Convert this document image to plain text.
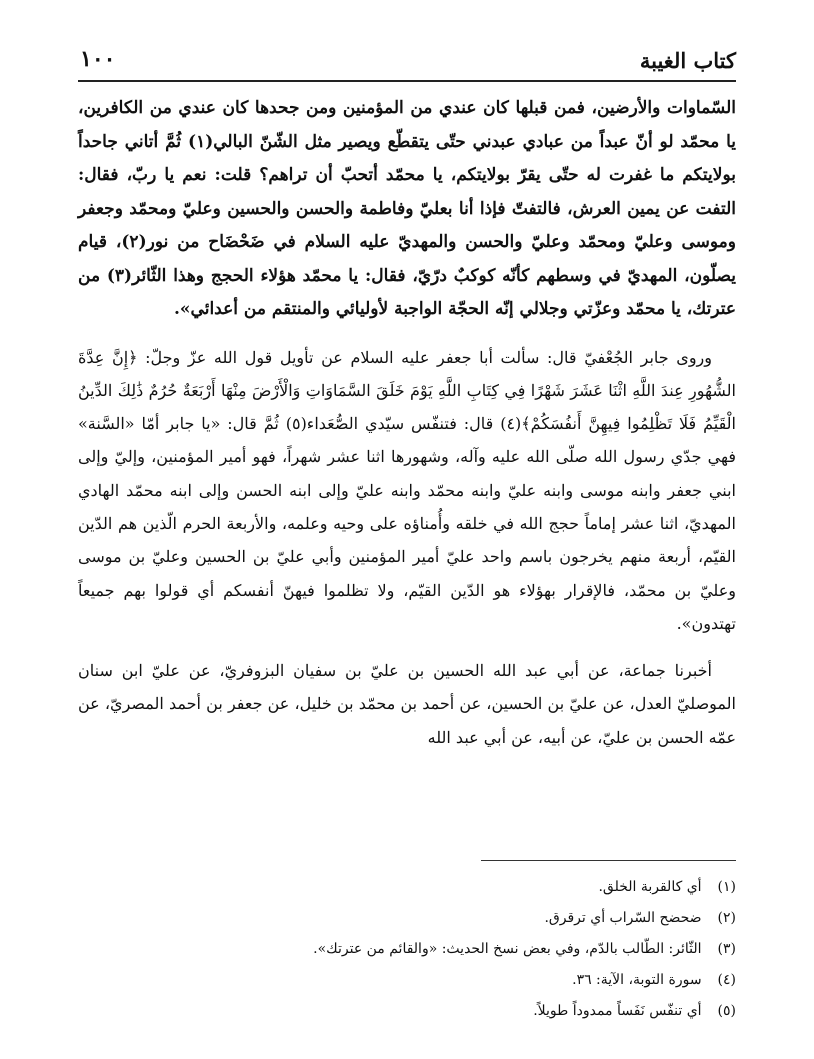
كتاب الغيبة
١٠٠

السّماوات والأرضين، فمن قبلها كان عندي من المؤمنين ومن جحدها كان عندي من الكافرين، يا محمّد لو أنّ عبداً من عبادي عبدني حتّى يتقطّع ويصير مثل الشّنّ البالي(١) ثُمَّ أتاني جاحداً بولايتكم ما غفرت له حتّى يقرّ بولايتكم، يا محمّد أتحبّ أن تراهم؟ قلت: نعم يا ربّ، فقال: التفت عن يمين العرش، فالتفتّ فإذا أنا بعليّ وفاطمة والحسن والحسين وعليّ ومحمّد وجعفر وموسى وعليّ ومحمّد وعليّ والحسن والمهديّ عليه السلام في ضَحْضَاح من نور(٢)، قيام يصلّون، المهديّ في وسطهم كأنّه كوكبٌ درّيّ، فقال: يا محمّد هؤلاء الحجج وهذا الثّائر(٣) من عترتك، يا محمّد وعزّتي وجلالي إنّه الحجّة الواجبة لأوليائي والمنتقم من أعدائي».

وروى جابر الجُعْفيّ قال: سألت أبا جعفر عليه السلام عن تأويل قول الله عزّ وجلّ: ﴿إِنَّ عِدَّةَ الشُّهُورِ عِندَ اللَّهِ اثْنَا عَشَرَ شَهْرًا فِي كِتَابِ اللَّهِ يَوْمَ خَلَقَ السَّمَاوَاتِ وَالْأَرْضَ مِنْهَا أَرْبَعَةٌ حُرُمٌ ذَٰلِكَ الدِّينُ الْقَيِّمُ فَلَا تَظْلِمُوا فِيهِنَّ أَنفُسَكُمْ﴾(٤) قال: فتنفّس سيّدي الصُّعَداء(٥) ثُمَّ قال: «يا جابر أمّا «السَّنة» فهي جدّي رسول الله صلّى الله عليه وآله، وشهورها اثنا عشر شهراً، فهو أمير المؤمنين، وإليّ وإلى ابني جعفر وابنه موسى وابنه عليّ وابنه محمّد وابنه عليّ وإلى ابنه الحسن وإلى ابنه محمّد الهادي المهديّ، اثنا عشر إماماً حجج الله في خلقه وأُمناؤه على وحيه وعلمه، والأربعة الحرم الّذين هم الدّين القيّم، أربعة منهم يخرجون باسم واحد عليّ أمير المؤمنين وأبي عليّ بن الحسين وعليّ بن موسى وعليّ بن محمّد، فالإقرار بهؤلاء هو الدّين القيّم، ولا تظلموا فيهنّ أنفسكم أي قولوا بهم جميعاً تهتدون».

أخبرنا جماعة، عن أبي عبد الله الحسين بن عليّ بن سفيان البزوفريّ، عن عليّ ابن سنان الموصليّ العدل، عن عليّ بن الحسين، عن أحمد بن محمّد بن خليل، عن جعفر بن أحمد المصريّ، عن عمّه الحسن بن عليّ، عن أبيه، عن أبي عبد الله

(١) أي كالقربة الخلق.
(٢) ضحضح السّراب أي ترقرق.
(٣) الثّائر: الطّالب بالدّم، وفي بعض نسخ الحديث: «والقائم من عترتك».
(٤) سورة التوبة، الآية: ٣٦.
(٥) أي تنفّس نَفَساً ممدوداً طويلاً.
